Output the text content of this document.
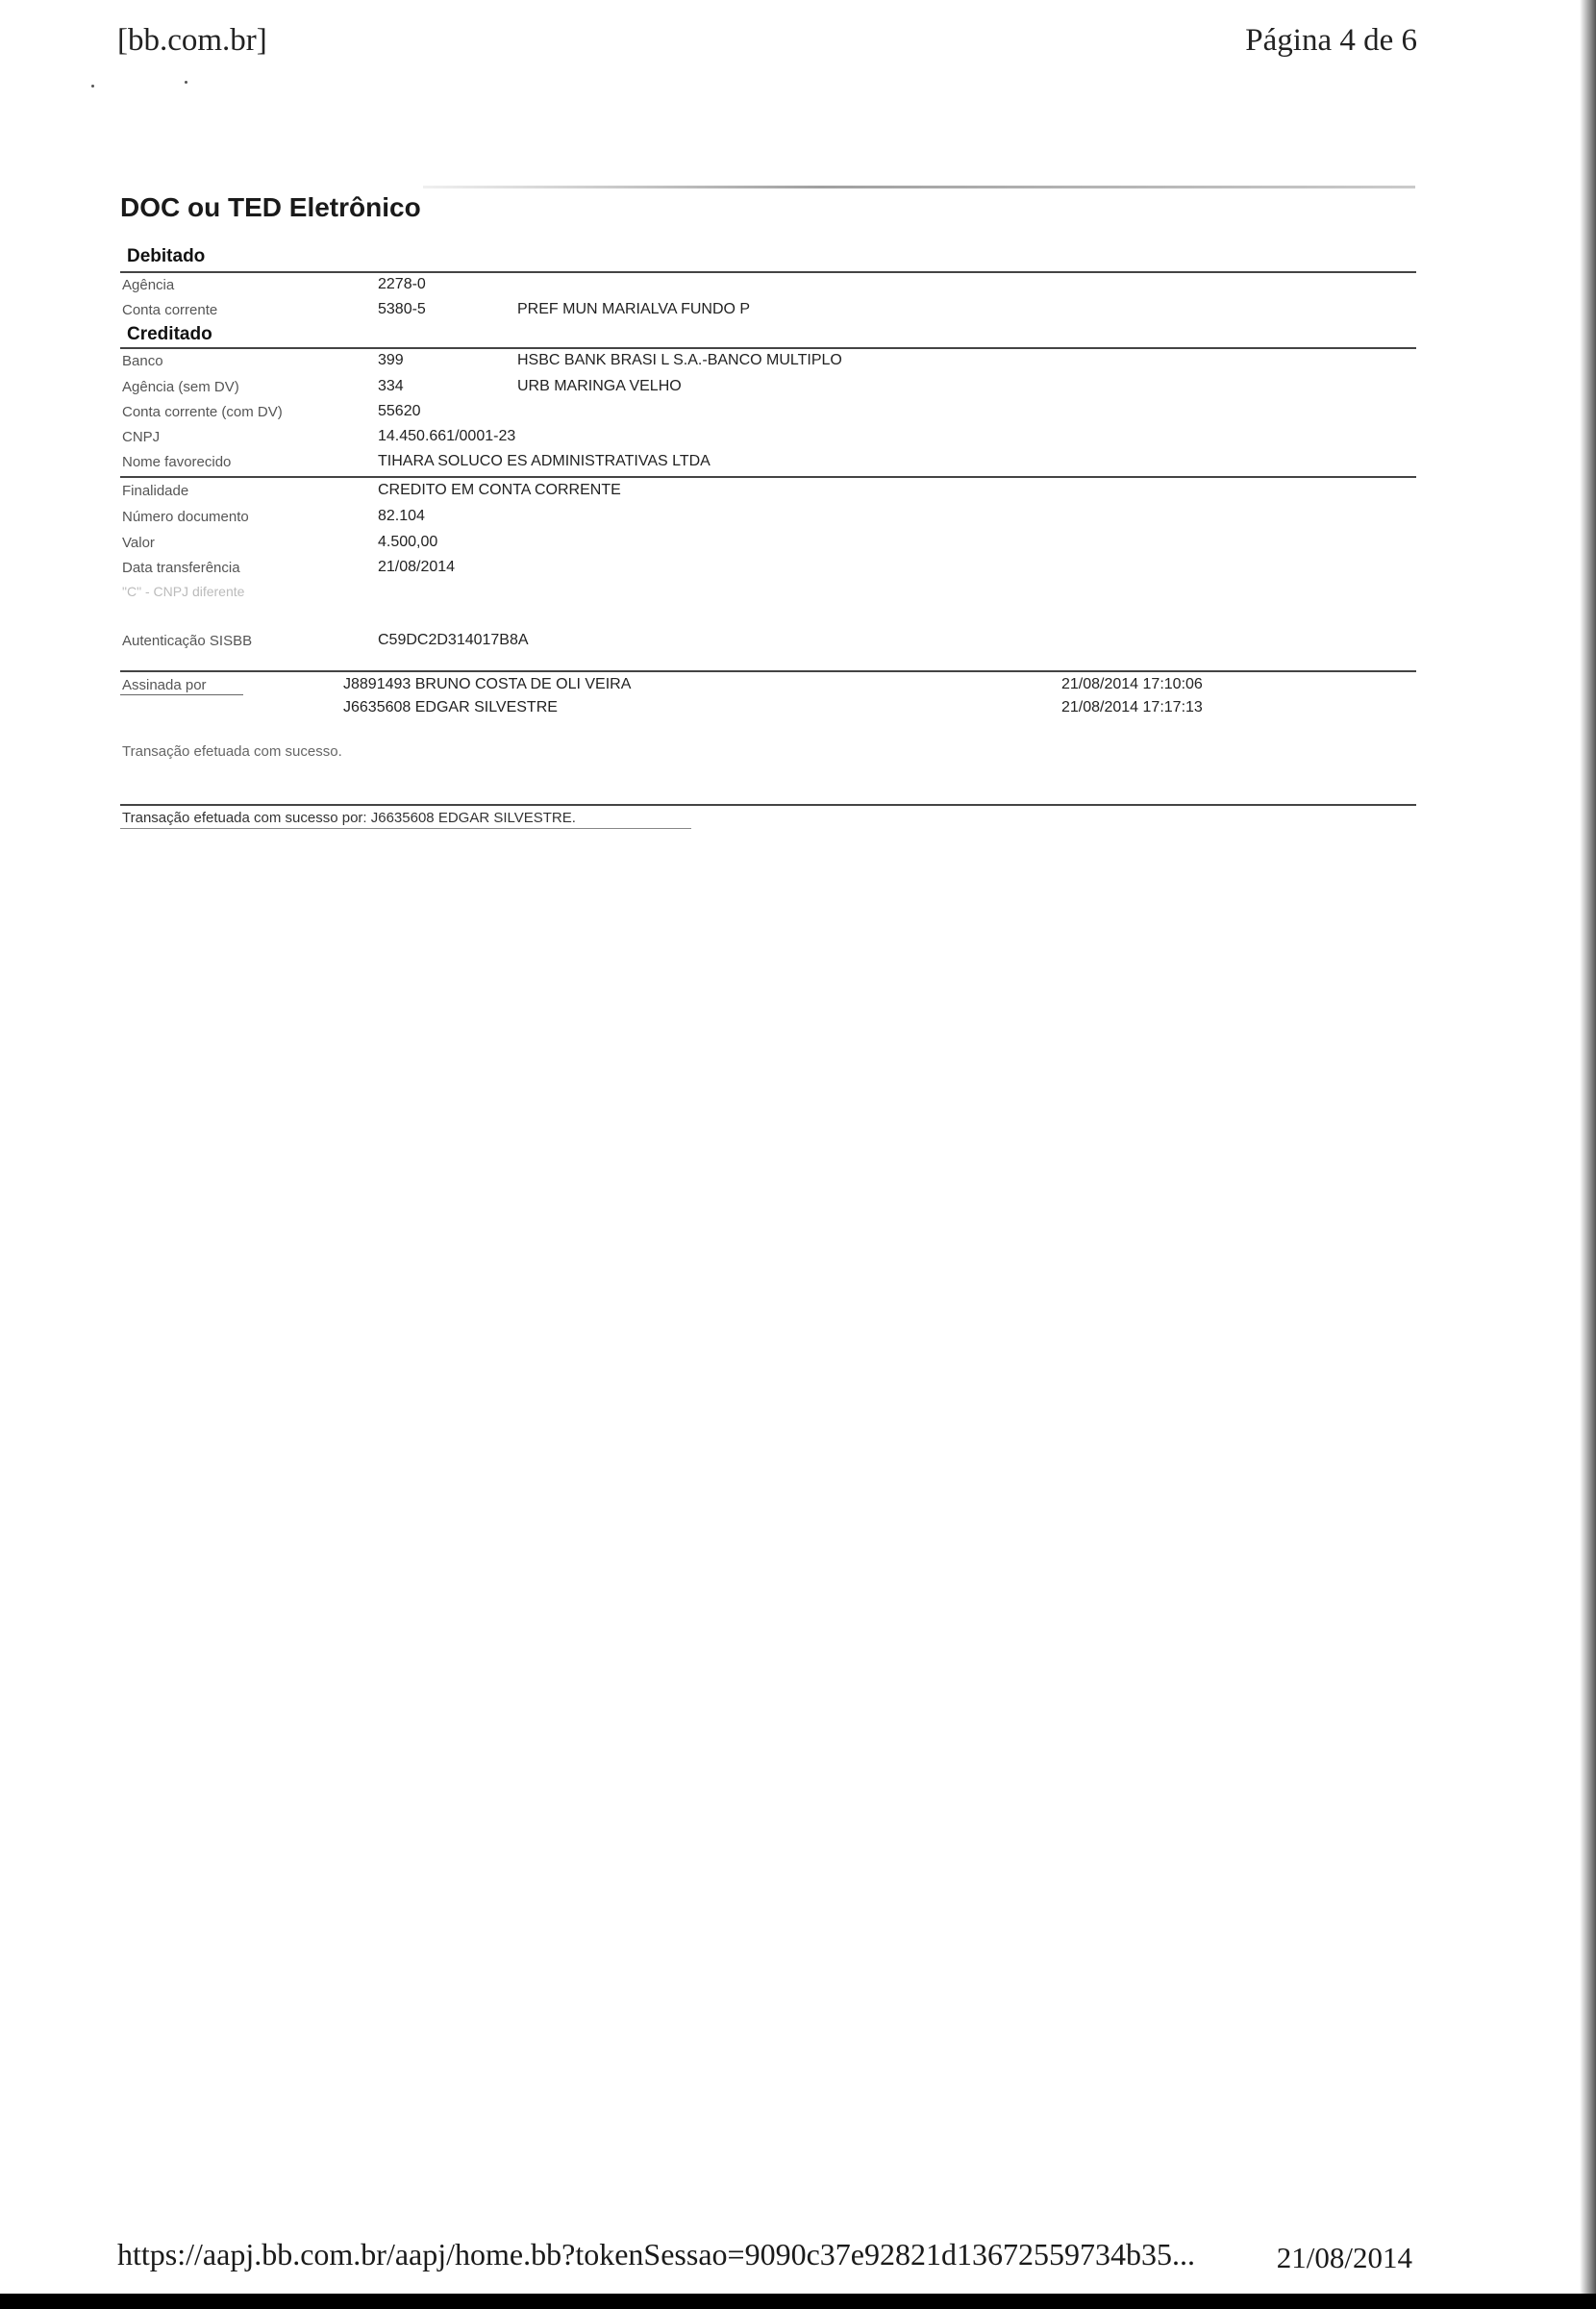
[bb.com.br]	Página 4 de 6
DOC ou TED Eletrônico
Debitado
Agência	2278-0
Conta corrente	5380-5	PREF MUN MARIALVA FUNDO P
Creditado
Banco	399	HSBC BANK BRASI L S.A.-BANCO MULTIPLO
Agência (sem DV)	334	URB MARINGA VELHO
Conta corrente (com DV)	55620
CNPJ	14.450.661/0001-23
Nome favorecido	TIHARA SOLUCO ES ADMINISTRATIVAS LTDA
Finalidade	CREDITO EM CONTA CORRENTE
Número documento	82.104
Valor	4.500,00
Data transferência	21/08/2014
"C" - CNPJ diferente
Autenticação SISBB	C59DC2D314017B8A
Assinada por	J8891493 BRUNO COSTA DE OLI VEIRA	21/08/2014 17:10:06
J6635608 EDGAR SILVESTRE	21/08/2014 17:17:13
Transação efetuada com sucesso.
Transação efetuada com sucesso por: J6635608 EDGAR SILVESTRE.
https://aapj.bb.com.br/aapj/home.bb?tokenSessao=9090c37e92821d13672559734b35...	21/08/2014
